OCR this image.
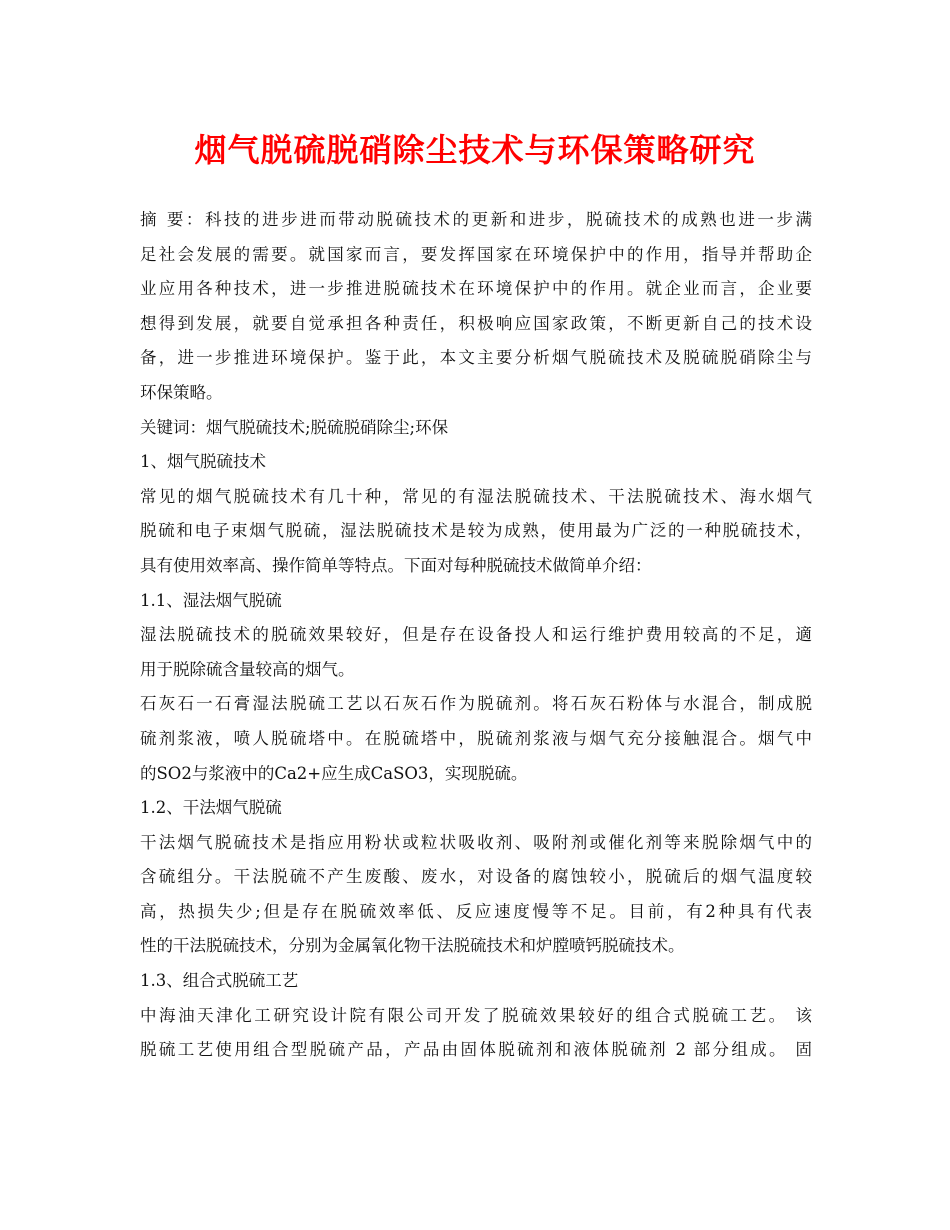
烟气脱硫脱硝除尘技术与环保策略研究
摘 要：科技的进步进而带动脱硫技术的更新和进步，脱硫技术的成熟也进一步满
足社会发展的需要。就国家而言，要发挥国家在环境保护中的作用，指导并帮助企
业应用各种技术，进一步推进脱硫技术在环境保护中的作用。就企业而言，企业要
想得到发展，就要自觉承担各种责任，积极响应国家政策，不断更新自己的技术设
备，进一步推进环境保护。鉴于此，本文主要分析烟气脱硫技术及脱硫脱硝除尘与
环保策略。
关键词：烟气脱硫技术;脱硫脱硝除尘;环保
1、烟气脱硫技术
常见的烟气脱硫技术有几十种，常见的有湿法脱硫技术、干法脱硫技术、海水烟气
脱硫和电子束烟气脱硫，湿法脱硫技术是较为成熟，使用最为广泛的一种脱硫技术，
具有使用效率高、操作简单等特点。下面对每种脱硫技术做简单介绍：
1.1、湿法烟气脱硫
湿法脱硫技术的脱硫效果较好，但是存在设备投人和运行维护费用较高的不足，適
用于脱除硫含量较高的烟气。
石灰石一石膏湿法脱硫工艺以石灰石作为脱硫剂。将石灰石粉体与水混合，制成脱
硫剂浆液，喷人脱硫塔中。在脱硫塔中，脱硫剂浆液与烟气充分接触混合。烟气中
的SO2与浆液中的Ca2+应生成CaSO3，实现脱硫。
1.2、干法烟气脱硫
干法烟气脱硫技术是指应用粉状或粒状吸收剂、吸附剂或催化剂等来脱除烟气中的
含硫组分。干法脱硫不产生废酸、废水，对设备的腐蚀较小，脱硫后的烟气温度较
高，热损失少;但是存在脱硫效率低、反应速度慢等不足。目前，有2种具有代表
性的干法脱硫技术，分别为金属氧化物干法脱硫技术和炉膛喷钙脱硫技术。
1.3、组合式脱硫工艺
中海油天津化工研究设计院有限公司开发了脱硫效果较好的组合式脱硫工艺。 该
脱硫工艺使用组合型脱硫产品，产品由固体脱硫剂和液体脱硫剂 2 部分组成。 固
